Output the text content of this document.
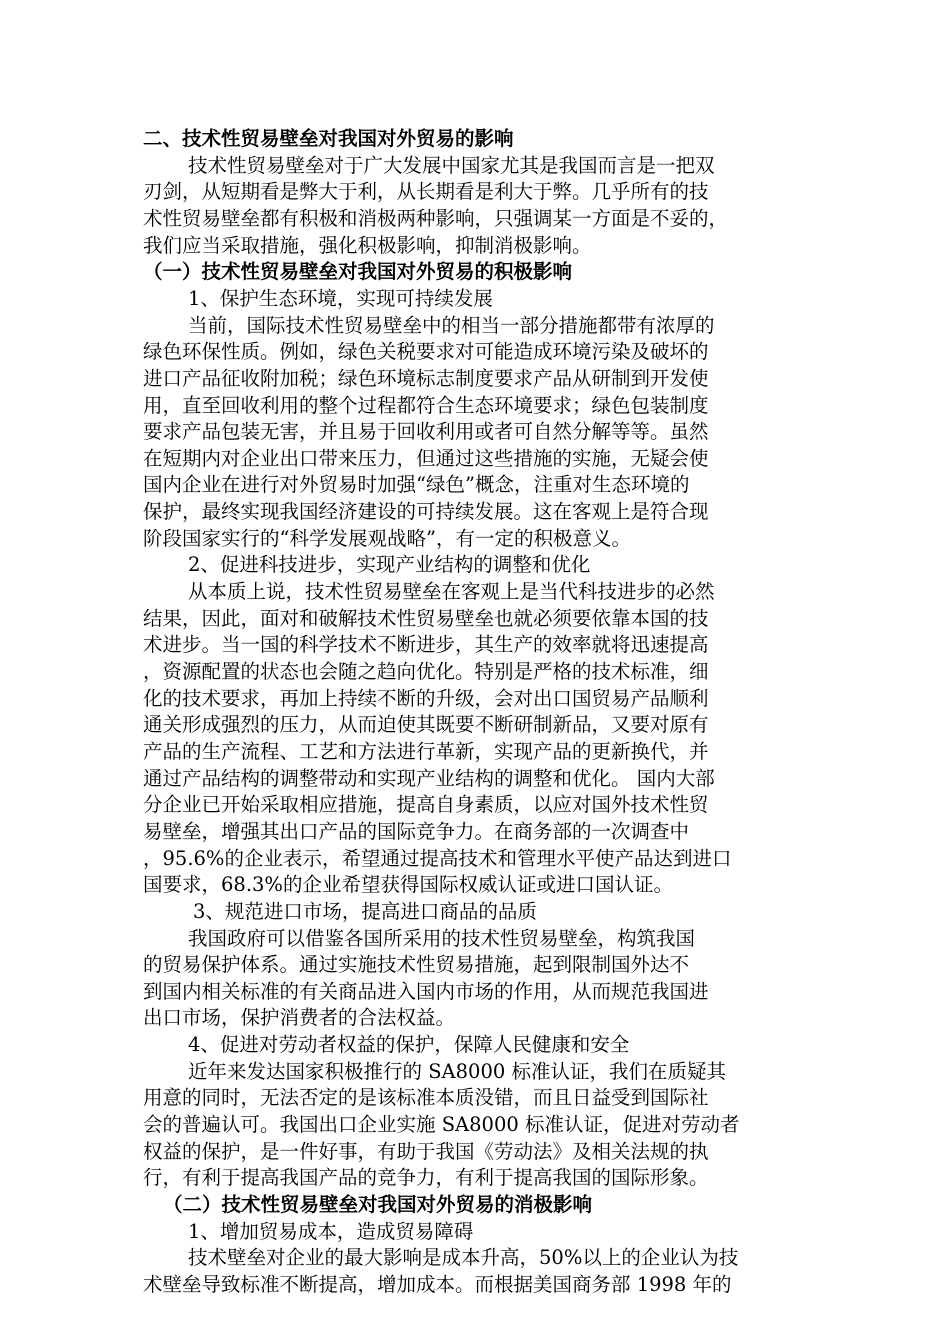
二、技术性贸易壁垒对我国对外贸易的影响
技术性贸易壁垒对于广大发展中国家尤其是我国而言是一把双
刃剑，从短期看是弊大于利，从长期看是利大于弊。几乎所有的技
术性贸易壁垒都有积极和消极两种影响，只强调某一方面是不妥的，
我们应当采取措施，强化积极影响，抑制消极影响。
（一）技术性贸易壁垒对我国对外贸易的积极影响
1、保护生态环境，实现可持续发展
当前，国际技术性贸易壁垒中的相当一部分措施都带有浓厚的
绿色环保性质。例如，绿色关税要求对可能造成环境污染及破坏的
进口产品征收附加税；绿色环境标志制度要求产品从研制到开发使
用，直至回收利用的整个过程都符合生态环境要求；绿色包装制度
要求产品包装无害，并且易于回收利用或者可自然分解等等。虽然
在短期内对企业出口带来压力，但通过这些措施的实施，无疑会使
国内企业在进行对外贸易时加强“绿色”概念，注重对生态环境的
保护，最终实现我国经济建设的可持续发展。这在客观上是符合现
阶段国家实行的“科学发展观战略”，有一定的积极意义。
2、促进科技进步，实现产业结构的调整和优化
从本质上说，技术性贸易壁垒在客观上是当代科技进步的必然
结果，因此，面对和破解技术性贸易壁垒也就必须要依靠本国的技
术进步。当一国的科学技术不断进步，其生产的效率就将迅速提高
，资源配置的状态也会随之趋向优化。特别是严格的技术标准，细
化的技术要求，再加上持续不断的升级，会对出口国贸易产品顺利
通关形成强烈的压力，从而迫使其既要不断研制新品，又要对原有
产品的生产流程、工艺和方法进行革新，实现产品的更新换代，并
通过产品结构的调整带动和实现产业结构的调整和优化。 国内大部
分企业已开始采取相应措施，提高自身素质，以应对国外技术性贸
易壁垒，增强其出口产品的国际竞争力。在商务部的一次调查中
，95.6%的企业表示，希望通过提高技术和管理水平使产品达到进口
国要求，68.3%的企业希望获得国际权威认证或进口国认证。
3、规范进口市场，提高进口商品的品质
我国政府可以借鉴各国所采用的技术性贸易壁垒，构筑我国
的贸易保护体系。通过实施技术性贸易措施，起到限制国外达不
到国内相关标准的有关商品进入国内市场的作用，从而规范我国进
出口市场，保护消费者的合法权益。
4、促进对劳动者权益的保护，保障人民健康和安全
近年来发达国家积极推行的 SA8000 标准认证，我们在质疑其
用意的同时，无法否定的是该标准本质没错，而且日益受到国际社
会的普遍认可。我国出口企业实施 SA8000 标准认证，促进对劳动者
权益的保护，是一件好事，有助于我国《劳动法》及相关法规的执
行，有利于提高我国产品的竞争力，有利于提高我国的国际形象。
（二）技术性贸易壁垒对我国对外贸易的消极影响
1、增加贸易成本，造成贸易障碍
技术壁垒对企业的最大影响是成本升高，50%以上的企业认为技
术壁垒导致标准不断提高，增加成本。而根据美国商务部 1998 年的
